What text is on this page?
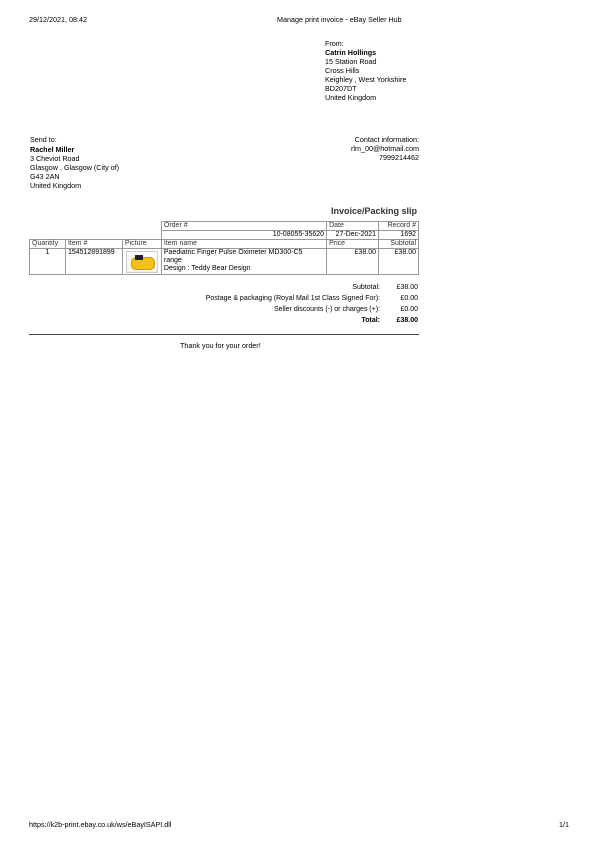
29/12/2021, 08:42	Manage print invoice - eBay Seller Hub
From:
Catrin Hollings
15 Station Road
Cross Hills
Keighley , West Yorkshire
BD207DT
United Kingdom
Send to:
Rachel Miller
3 Cheviot Road
Glasgow , Glasgow (City of)
G43 2AN
United Kingdom
Contact information:
rlm_00@hotmail.com
7999214462
Invoice/Packing slip
			Order #	Date	Record #
			10-08055-35620	27-Dec-2021	1692
Quantity	Item #	Picture	Item name	Price	Subtotal
1	154512891899		Paediatric Finger Pulse Oximeter MD300-C5
range
Design : Teddy Bear Design	£38.00	£38.00
Subtotal:	£38.00
Postage & packaging (Royal Mail 1st Class Signed For):	£0.00
Seller discounts (-) or charges (+):	£0.00
Total:	£38.00
Thank you for your order!
https://k2b-print.ebay.co.uk/ws/eBayISAPI.dll	1/1
